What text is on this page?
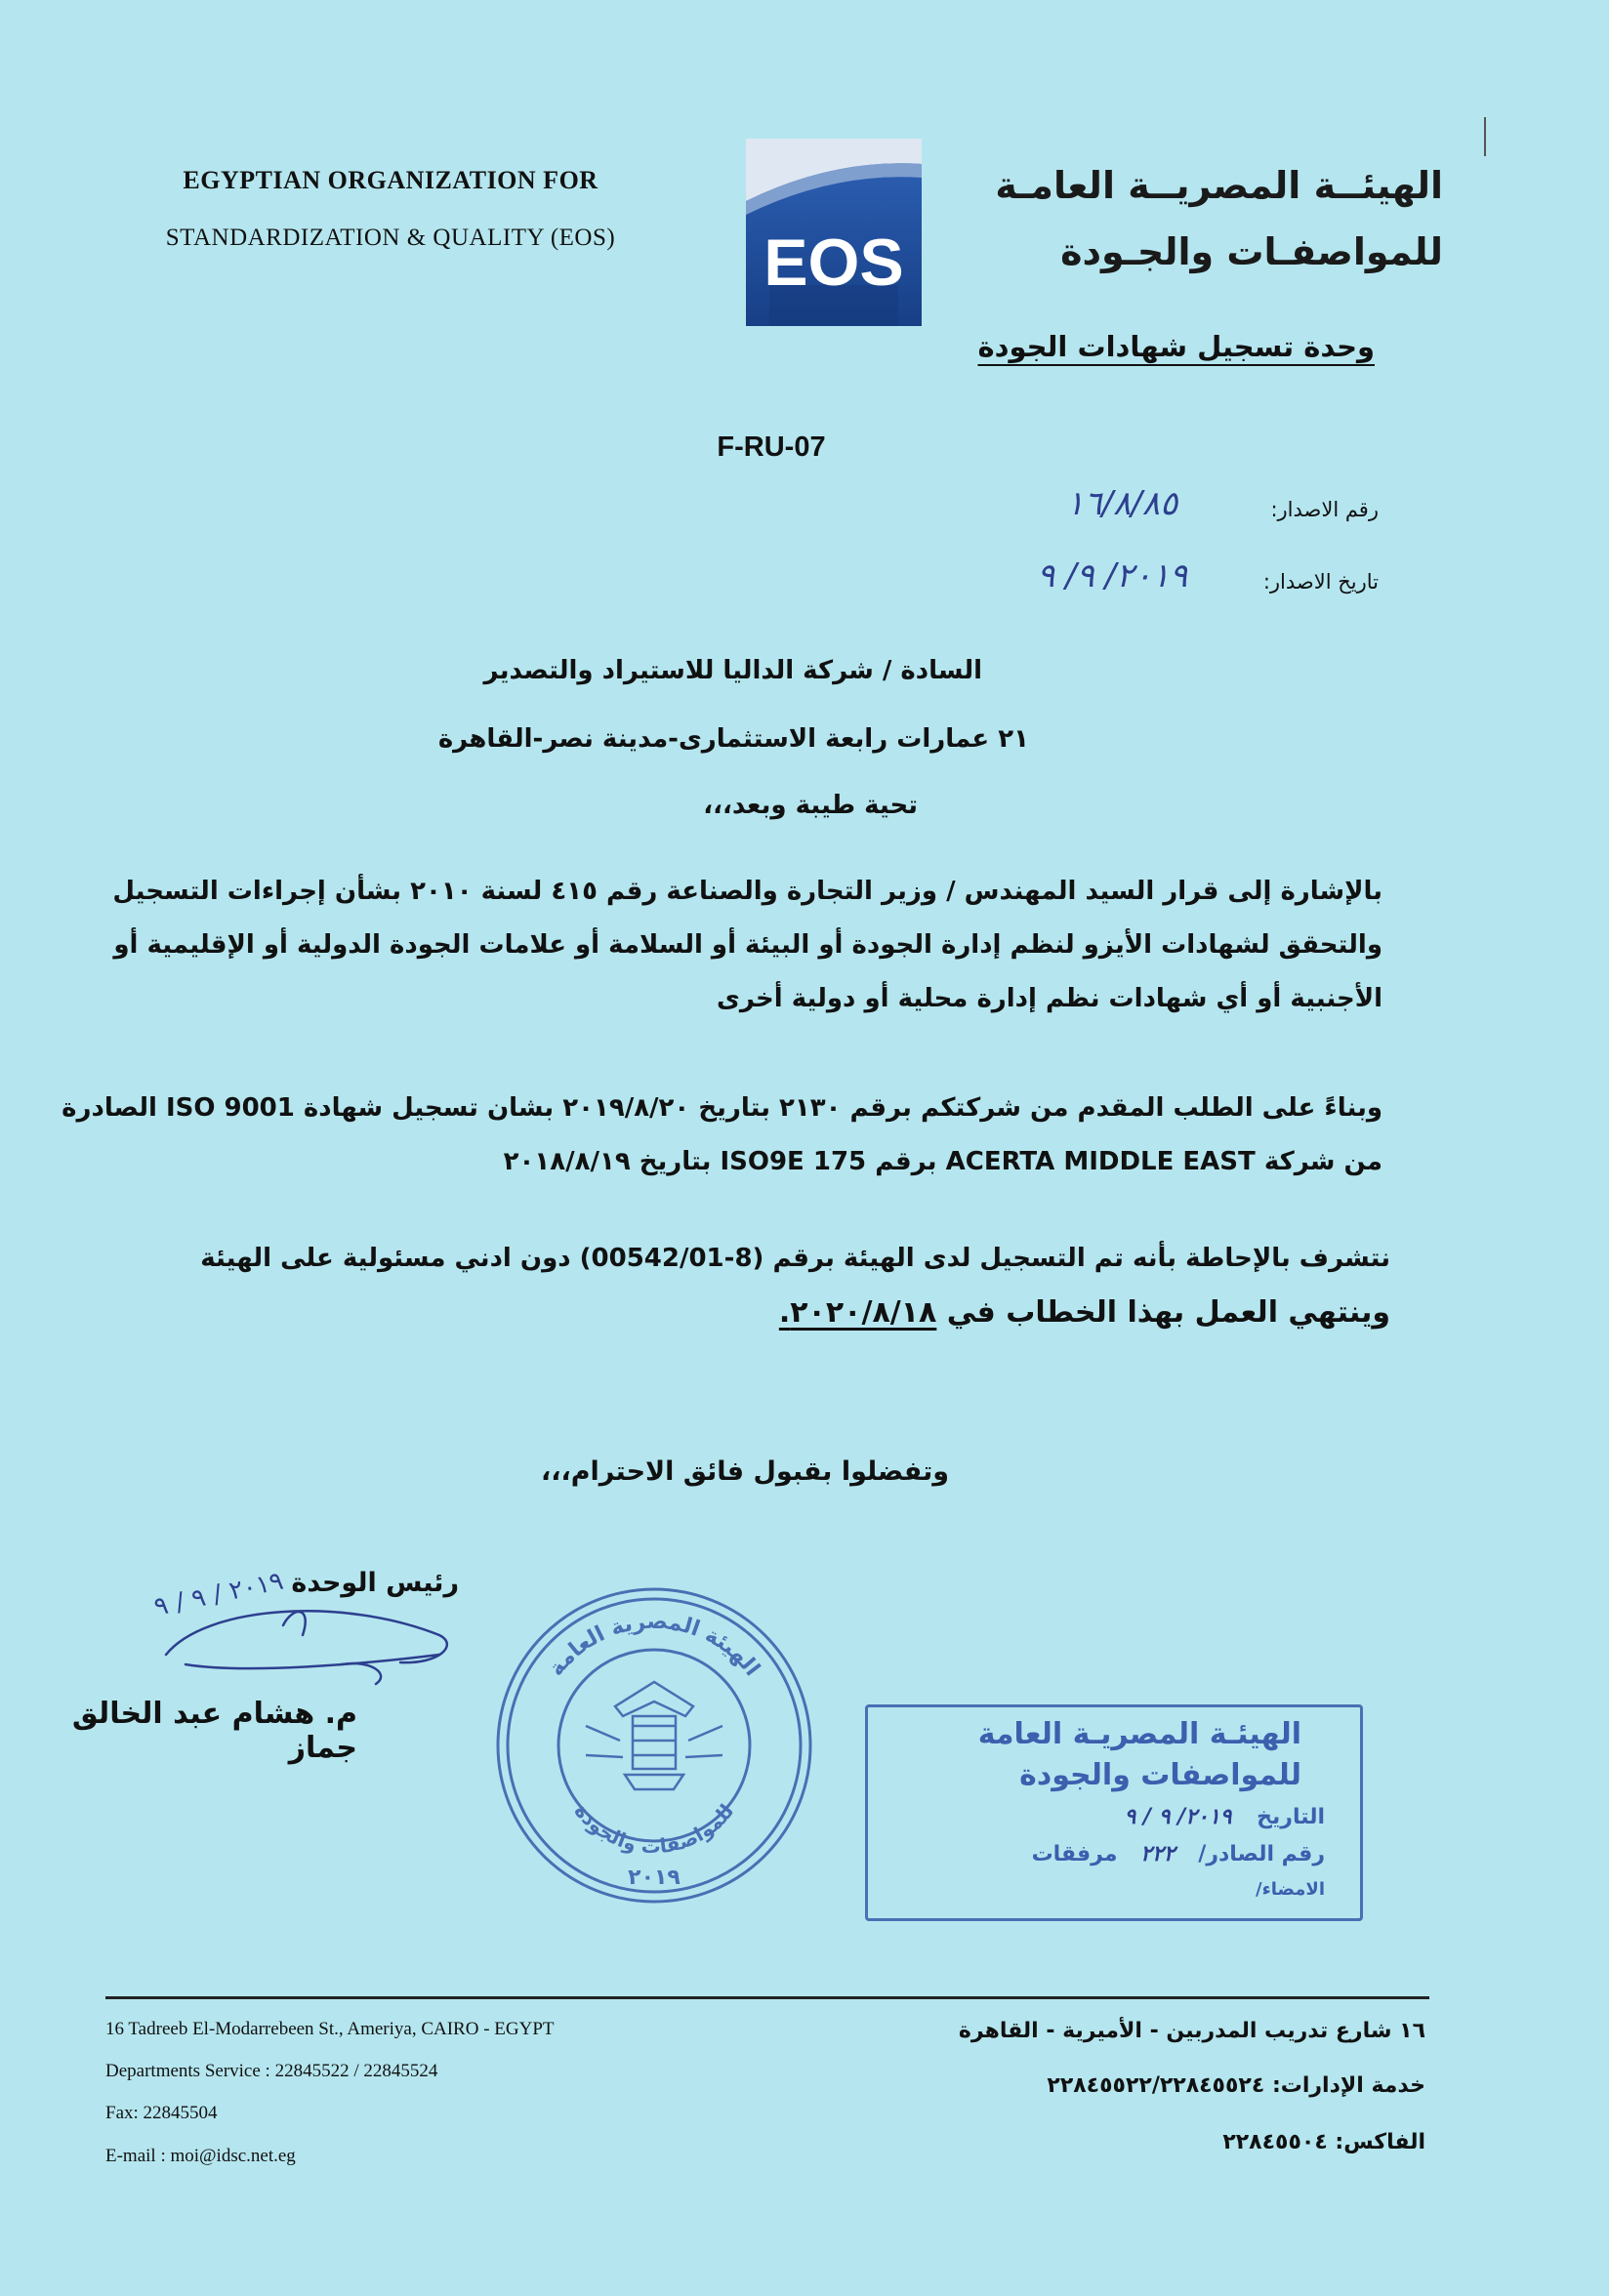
EGYPTIAN ORGANIZATION FOR
STANDARDIZATION & QUALITY (EOS)	EOS
الهيئــة المصريــة العامـة
للمواصفـات والجـودة
وحدة تسجيل شهادات الجودة
F-RU-07
رقم الاصدار:
١٦/٨/٨٥
تاريخ الاصدار:
٢٠١٩/ ٩/ ٩
السادة / شركة الداليا للاستيراد والتصدير
٢١ عمارات رابعة الاستثمارى-مدينة نصر-القاهرة
تحية طيبة وبعد،،،
بالإشارة إلى قرار السيد المهندس / وزير التجارة والصناعة رقم ٤١٥ لسنة ٢٠١٠ بشأن إجراءات التسجيل
والتحقق لشهادات الأيزو لنظم إدارة الجودة أو البيئة أو السلامة أو علامات الجودة الدولية أو الإقليمية أو
الأجنبية أو أي شهادات نظم إدارة محلية أو دولية أخرى
وبناءً على الطلب المقدم من شركتكم برقم ٢١٣٠ بتاريخ ٢٠١٩/٨/٢٠ بشان تسجيل شهادة ISO 9001 الصادرة
من شركة ACERTA MIDDLE EAST برقم ISO9E 175 بتاريخ ٢٠١٨/٨/١٩
نتشرف بالإحاطة بأنه تم التسجيل لدى الهيئة برقم (8-00542/01) دون ادني مسئولية على الهيئة
وينتهي العمل بهذا الخطاب في ٢٠٢٠/٨/١٨.
وتفضلوا بقبول فائق الاحترام،،،
رئيس الوحدة
٢٠١٩ / ٩ / ٩
م. هشام عبد الخالق جماز
الهيئة المصرية العامة
للمواصفات والجودة
٢٠١٩
الهيئـة المصريـة العامة
للمواصفات والجودة
التاريخ ٢٠١٩/ ٩ / ٩
رقم الصادر/ ٢٢٢ مرفقات
الامضاء/
16 Tadreeb El-Modarrebeen St., Ameriya, CAIRO - EGYPT
Departments Service : 22845522 / 22845524
Fax: 22845504
E-mail : moi@idsc.net.eg
١٦ شارع تدريب المدربين - الأميرية - القاهرة
خدمة الإدارات: ٢٢٨٤٥٥٢٢/٢٢٨٤٥٥٢٤
الفاكس: ٢٢٨٤٥٥٠٤
